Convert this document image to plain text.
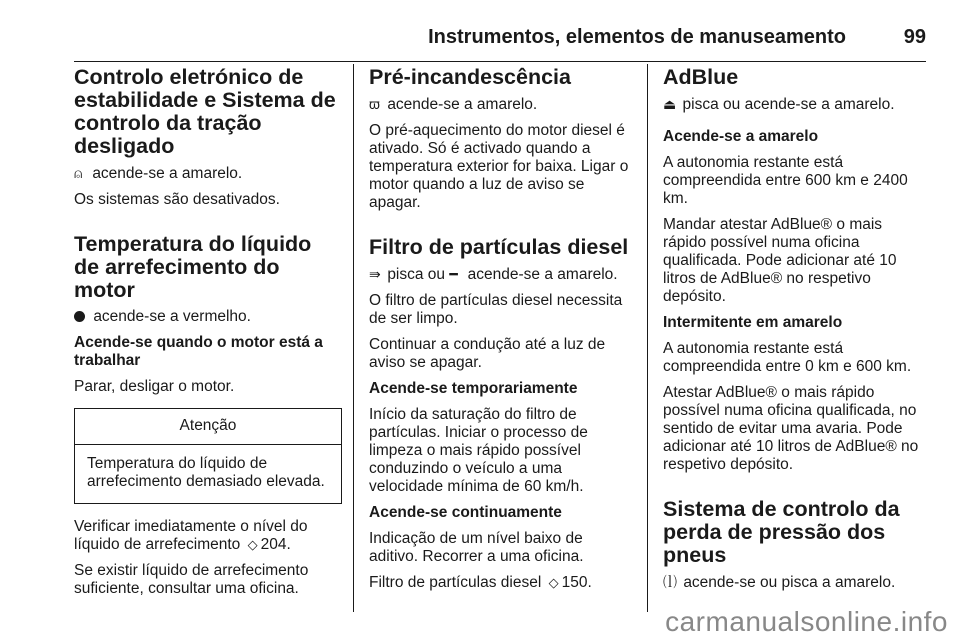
Instrumentos, elementos de manuseamento	99
Controlo eletrónico de estabilidade e Sistema de controlo da tração desligado

⍝ acende-se a amarelo.

Os sistemas são desativados.

Temperatura do líquido de arrefecimento do motor

acende-se a vermelho.

Acende-se quando o motor está a trabalhar

Parar, desligar o motor.

Atenção
Temperatura do líquido de arrefecimento demasiado elevada.

Verificar imediatamente o nível do líquido de arrefecimento ◇ 204.

Se existir líquido de arrefecimento suficiente, consultar uma oficina.

Pré-incandescência

ϖ acende-se a amarelo.

O pré-aquecimento do motor diesel é ativado. Só é activado quando a temperatura exterior for baixa. Ligar o motor quando a luz de aviso se apagar.

Filtro de partículas diesel

⇛ pisca ou ━ acende-se a amarelo.

O filtro de partículas diesel necessita de ser limpo.

Continuar a condução até a luz de aviso se apagar.

Acende-se temporariamente

Início da saturação do filtro de partículas. Iniciar o processo de limpeza o mais rápido possível conduzindo o veículo a uma velocidade mínima de 60 km/h.

Acende-se continuamente

Indicação de um nível baixo de aditivo. Recorrer a uma oficina.

Filtro de partículas diesel ◇ 150.

AdBlue

⏏ pisca ou acende-se a amarelo.

Acende-se a amarelo

A autonomia restante está compreendida entre 600 km e 2400 km.

Mandar atestar AdBlue® o mais rápido possível numa oficina qualificada. Pode adicionar até 10 litros de AdBlue® no respetivo depósito.

Intermitente em amarelo

A autonomia restante está compreendida entre 0 km e 600 km.

Atestar AdBlue® o mais rápido possível numa oficina qualificada, no sentido de evitar uma avaria. Pode adicionar até 10 litros de AdBlue® no respetivo depósito.

Sistema de controlo da perda de pressão dos pneus

⒧ acende-se ou pisca a amarelo.

carmanualsonline.info
